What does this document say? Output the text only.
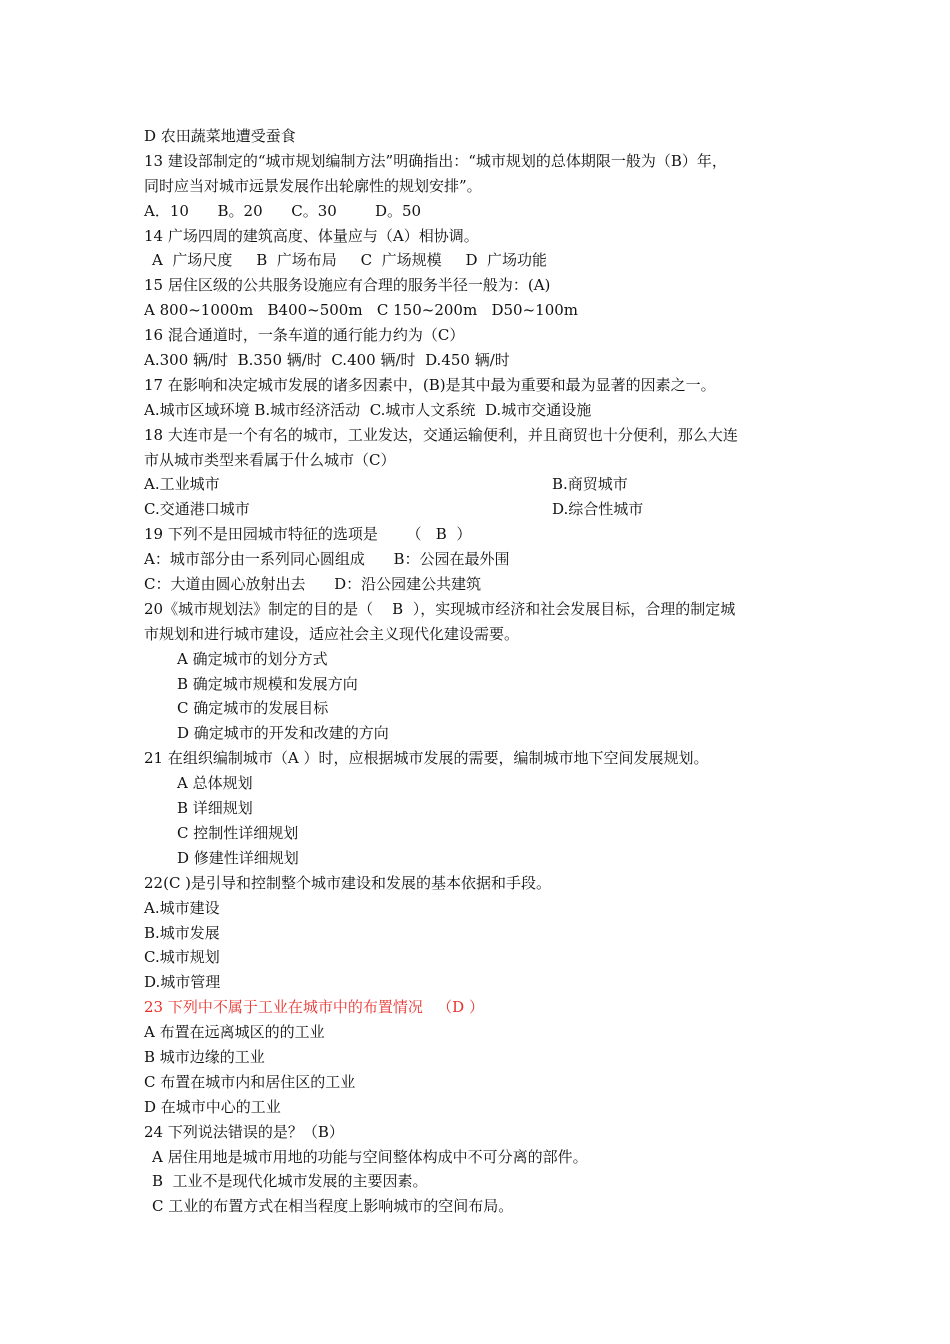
D 农田蔬菜地遭受蚕食
13 建设部制定的“城市规划编制方法”明确指出：“城市规划的总体期限一般为（B）年，
同时应当对城市远景发展作出轮廓性的规划安排”。
A．10      B。20      C。30        D。50
14 广场四周的建筑高度、体量应与（A）相协调。
A  广场尺度     B  广场布局     C  广场规模     D  广场功能
15 居住区级的公共服务设施应有合理的服务半径一般为：(A)
A 800~1000m   B400~500m   C 150~200m   D50~100m
16 混合通道时，一条车道的通行能力约为（C）
A.300 辆/时  B.350 辆/时  C.400 辆/时  D.450 辆/时
17 在影响和决定城市发展的诸多因素中，(B)是其中最为重要和最为显著的因素之一。
A.城市区域环境 B.城市经济活动  C.城市人文系统  D.城市交通设施
18 大连市是一个有名的城市，工业发达，交通运输便利，并且商贸也十分便利，那么大连
市从城市类型来看属于什么城市（C）
A.工业城市	B.商贸城市
C.交通港口城市	D.综合性城市
19 下列不是田园城市特征的选项是      （   B  ）
A：城市部分由一系列同心圆组成      B：公园在最外围
C：大道由圆心放射出去      D：沿公园建公共建筑
20《城市规划法》制定的目的是（    B  ），实现城市经济和社会发展目标，合理的制定城
市规划和进行城市建设，适应社会主义现代化建设需要。
A 确定城市的划分方式
B 确定城市规模和发展方向
C 确定城市的发展目标
D 确定城市的开发和改建的方向
21 在组织编制城市（A ）时，应根据城市发展的需要，编制城市地下空间发展规划。
A 总体规划
B 详细规划
C 控制性详细规划
D 修建性详细规划
22(C )是引导和控制整个城市建设和发展的基本依据和手段。
A.城市建设
B.城市发展
C.城市规划
D.城市管理
23 下列中不属于工业在城市中的布置情况   （D ）
A 布置在远离城区的的工业
B 城市边缘的工业
C 布置在城市内和居住区的工业
D 在城市中心的工业
24 下列说法错误的是？（B）
A 居住用地是城市用地的功能与空间整体构成中不可分离的部件。
B  工业不是现代化城市发展的主要因素。
C 工业的布置方式在相当程度上影响城市的空间布局。
